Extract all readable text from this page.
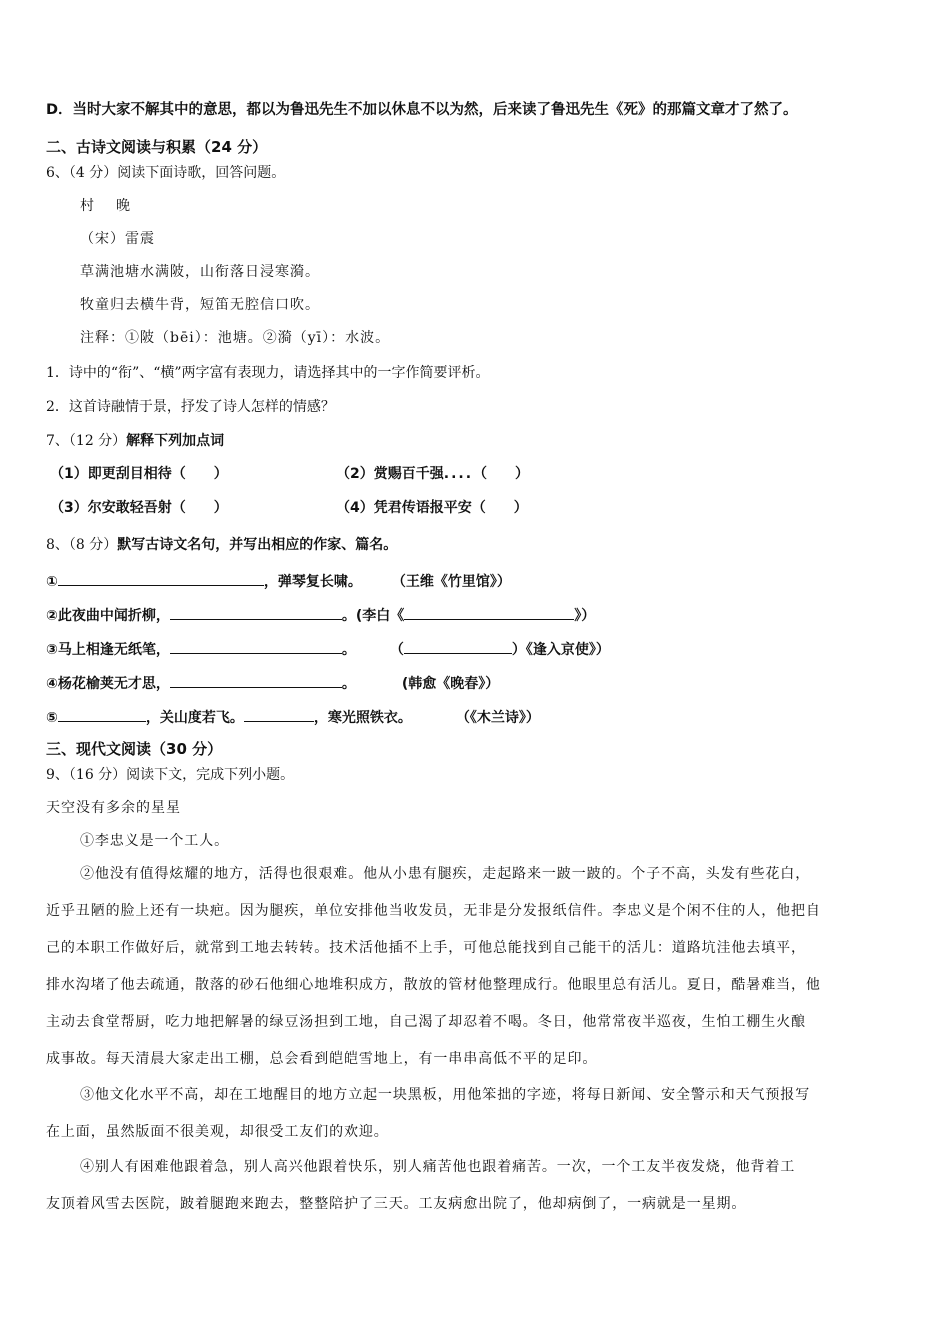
D．当时大家不解其中的意思，都以为鲁迅先生不加以休息不以为然，后来读了鲁迅先生《死》的那篇文章才了然了。
二、古诗文阅读与积累（24 分）
6、（4 分）阅读下面诗歌，回答问题。
村　晚
（宋）雷震
草满池塘水满陂，山衔落日浸寒漪。
牧童归去横牛背，短笛无腔信口吹。
注释：①陂（bēi）：池塘。②漪（yī）：水波。
1．诗中的“衔”、“横”两字富有表现力，请选择其中的一字作简要评析。
2．这首诗融情于景，抒发了诗人怎样的情感？
7、（12 分）解释下列加点词
（1）即更刮目相待（　　）	（2）赏赐百千强....（　　）
（3）尔安敢轻吾射（　　）	（4）凭君传语报平安（　　）
8、（8 分）默写古诗文名句，并写出相应的作家、篇名。
①	，弹琴复长啸。 （王维《竹里馆》）
②此夜曲中闻折柳，	。(李白《	》）
③马上相逢无纸笔，	。 （	）《逢入京使》）
④杨花榆荚无才思，	。	(韩愈《晚春》）
⑤	，关山度若飞。	，寒光照铁衣。	（《木兰诗》）
三、现代文阅读（30 分）
9、（16 分）阅读下文，完成下列小题。
天空没有多余的星星
①李忠义是一个工人。
②他没有值得炫耀的地方，活得也很艰难。他从小患有腿疾，走起路来一跛一跛的。个子不高，头发有些花白，
近乎丑陋的脸上还有一块疤。因为腿疾，单位安排他当收发员，无非是分发报纸信件。李忠义是个闲不住的人，他把自
己的本职工作做好后，就常到工地去转转。技术活他插不上手，可他总能找到自己能干的活儿：道路坑洼他去填平，
排水沟堵了他去疏通，散落的砂石他细心地堆积成方，散放的管材他整理成行。他眼里总有活儿。夏日，酷暑难当，他
主动去食堂帮厨，吃力地把解暑的绿豆汤担到工地，自己渴了却忍着不喝。冬日，他常常夜半巡夜，生怕工棚生火酿
成事故。每天清晨大家走出工棚，总会看到皑皑雪地上，有一串串高低不平的足印。
③他文化水平不高，却在工地醒目的地方立起一块黑板，用他笨拙的字迹，将每日新闻、安全警示和天气预报写
在上面，虽然版面不很美观，却很受工友们的欢迎。
④别人有困难他跟着急，别人高兴他跟着快乐，别人痛苦他也跟着痛苦。一次，一个工友半夜发烧，他背着工
友顶着风雪去医院，跛着腿跑来跑去，整整陪护了三天。工友病愈出院了，他却病倒了，一病就是一星期。
